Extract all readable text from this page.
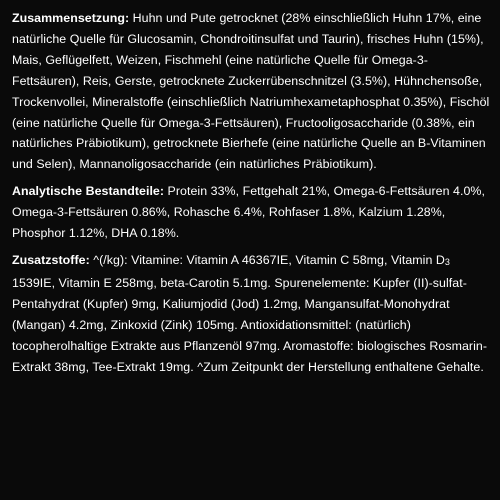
Zusammensetzung: Huhn und Pute getrocknet (28% einschließlich Huhn 17%, eine natürliche Quelle für Glucosamin, Chondroitinsulfat und Taurin), frisches Huhn (15%), Mais, Geflügelfett, Weizen, Fischmehl (eine natürliche Quelle für Omega-3-Fettsäuren), Reis, Gerste, getrocknete Zuckerrübenschnitzel (3.5%), Hühnchensoße, Trockenvollei, Mineralstoffe (einschließlich Natriumhexametaphosphat 0.35%), Fischöl (eine natürliche Quelle für Omega-3-Fettsäuren), Fructooligosaccharide (0.38%, ein natürliches Präbiotikum), getrocknete Bierhefe (eine natürliche Quelle an B-Vitaminen und Selen), Mannanoligosaccharide (ein natürliches Präbiotikum).

Analytische Bestandteile: Protein 33%, Fettgehalt 21%, Omega-6-Fettsäuren 4.0%, Omega-3-Fettsäuren 0.86%, Rohasche 6.4%, Rohfaser 1.8%, Kalzium 1.28%, Phosphor 1.12%, DHA 0.18%.

Zusatzstoffe: ^(/kg): Vitamine: Vitamin A 46367IE, Vitamin C 58mg, Vitamin $D_3$ 1539IE, Vitamin E 258mg, beta-Carotin 5.1mg. Spurenelemente: Kupfer (II)-sulfat-Pentahydrat (Kupfer) 9mg, Kaliumjodid (Jod) 1.2mg, Mangansulfat-Monohydrat (Mangan) 4.2mg, Zinkoxid (Zink) 105mg. Antioxidationsmittel: (natürlich) tocopherolhaltige Extrakte aus Pflanzenöl 97mg. Aromastoffe: biologisches Rosmarin-Extrakt 38mg, Tee-Extrakt 19mg. ^Zum Zeitpunkt der Herstellung enthaltene Gehalte.
